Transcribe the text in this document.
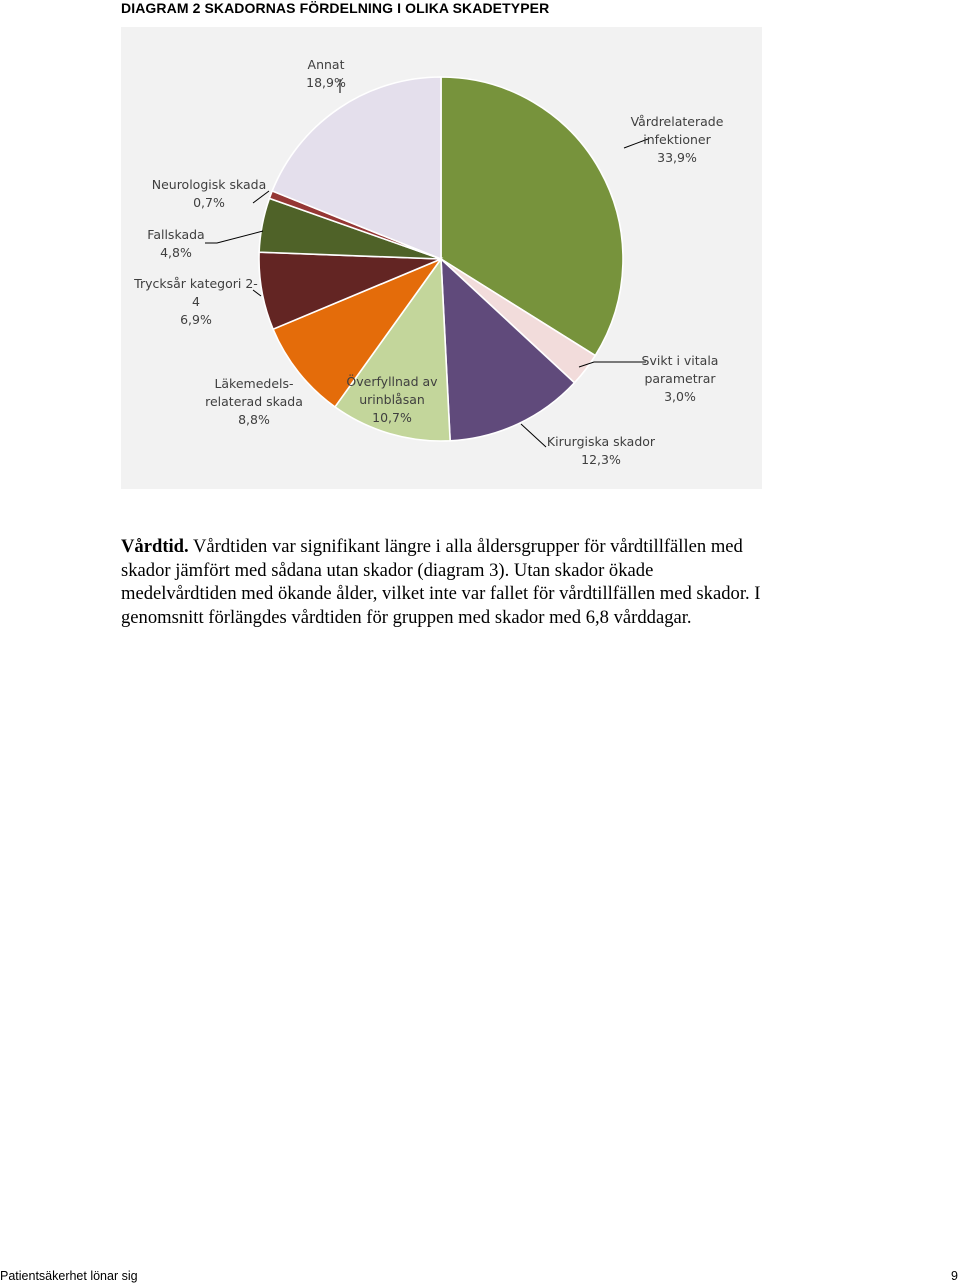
DIAGRAM 2 SKADORNAS FÖRDELNING I OLIKA SKADETYPER
Vårdrelaterade infektioner 33,9%
Svikt i vitala parametrar 3,0%
Kirurgiska skador 12,3%
Överfyllnad av urinblåsan 10,7%
Läkemedels-relaterad skada 8,8%
Trycksår kategori 2-4 6,9%
Fallskada 4,8%
Neurologisk skada 0,7%
Annat 18,9%

Vårdtid. Vårdtiden var signifikant längre i alla åldersgrupper för vårdtillfällen med skador jämfört med sådana utan skador (diagram 3). Utan skador ökade medelvårdtiden med ökande ålder, vilket inte var fallet för vårdtillfällen med skador. I genomsnitt förlängdes vårdtiden för gruppen med skador med 6,8 vårddagar.

Patientsäkerhet lönar sig	9
